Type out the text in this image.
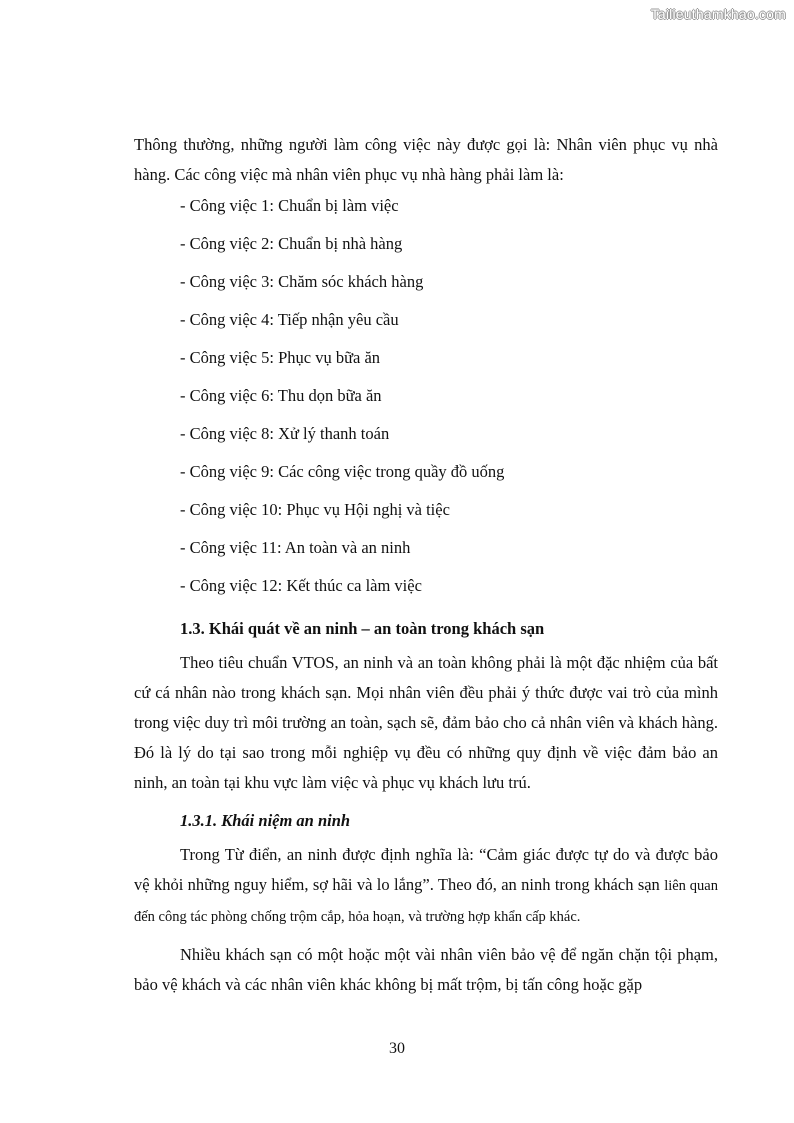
Tailieuthamkhao.com

Thông thường, những người làm công việc này được gọi là: Nhân viên phục vụ nhà hàng. Các công việc mà nhân viên phục vụ nhà hàng phải làm là:

- Công việc 1: Chuẩn bị làm việc
- Công việc 2: Chuẩn bị nhà hàng
- Công việc 3: Chăm sóc khách hàng
- Công việc 4: Tiếp nhận yêu cầu
- Công việc 5: Phục vụ bữa ăn
- Công việc 6: Thu dọn bữa ăn
- Công việc 8: Xử lý thanh toán
- Công việc 9: Các công việc trong quầy đồ uống
- Công việc 10: Phục vụ Hội nghị và tiệc
- Công việc 11: An toàn và an ninh
- Công việc 12: Kết thúc ca làm việc
1.3. Khái quát về an ninh – an toàn trong khách sạn

Theo tiêu chuẩn VTOS, an ninh và an toàn không phải là một đặc nhiệm của bất cứ cá nhân nào trong khách sạn. Mọi nhân viên đều phải ý thức được vai trò của mình trong việc duy trì môi trường an toàn, sạch sẽ, đảm bảo cho cả nhân viên và khách hàng. Đó là lý do tại sao trong mỗi nghiệp vụ đều có những quy định về việc đảm bảo an ninh, an toàn tại khu vực làm việc và phục vụ khách lưu trú.

1.3.1. Khái niệm an ninh

Trong Từ điển, an ninh được định nghĩa là: “Cảm giác được tự do và được bảo vệ khỏi những nguy hiểm, sợ hãi và lo lắng”. Theo đó, an ninh trong khách sạn liên quan đến công tác phòng chống trộm cắp, hỏa hoạn, và trường hợp khẩn cấp khác.

Nhiều khách sạn có một hoặc một vài nhân viên bảo vệ để ngăn chặn tội phạm, bảo vệ khách và các nhân viên khác không bị mất trộm, bị tấn công hoặc gặp

30
